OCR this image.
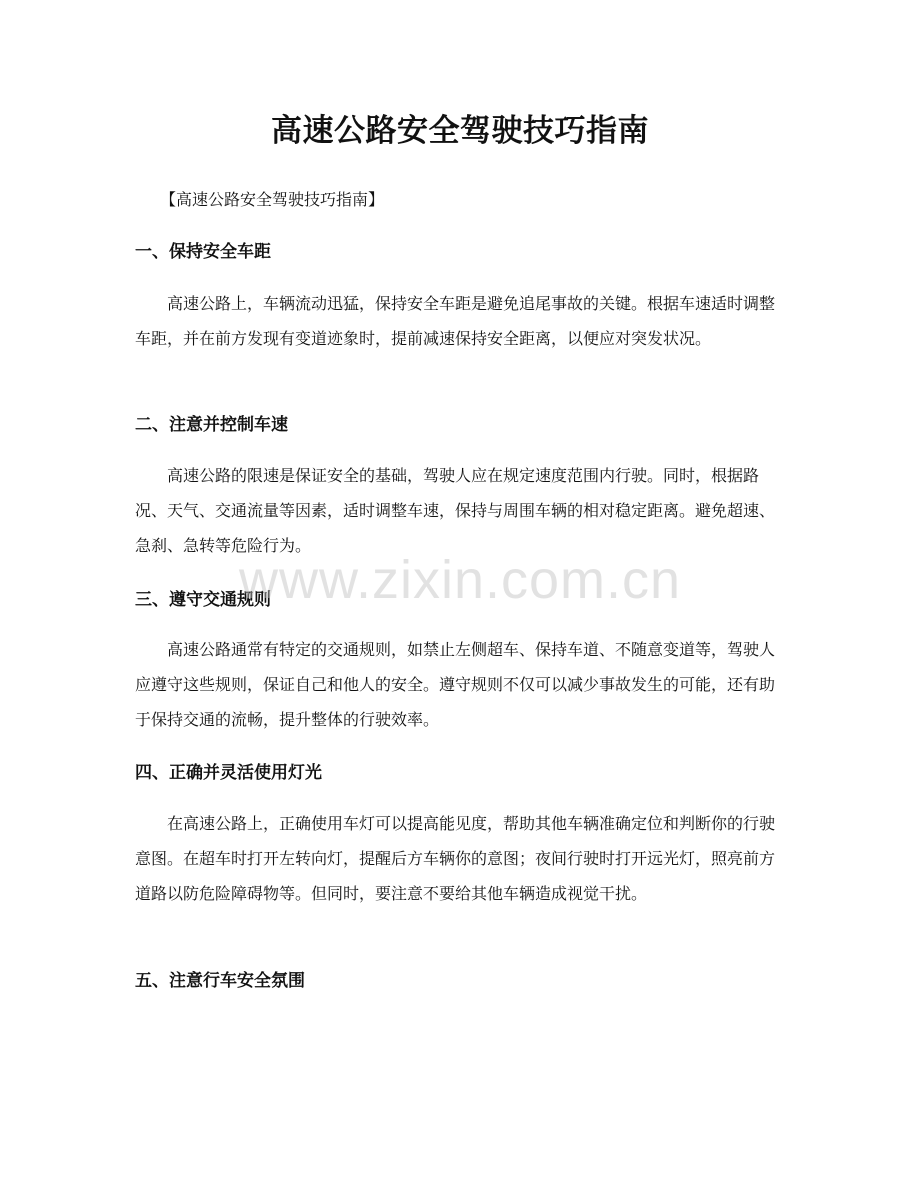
高速公路安全驾驶技巧指南
【高速公路安全驾驶技巧指南】
一、保持安全车距

高速公路上，车辆流动迅猛，保持安全车距是避免追尾事故的关键。根据车速适时调整车距，并在前方发现有变道迹象时，提前减速保持安全距离，以便应对突发状况。

二、注意并控制车速

高速公路的限速是保证安全的基础，驾驶人应在规定速度范围内行驶。同时，根据路况、天气、交通流量等因素，适时调整车速，保持与周围车辆的相对稳定距离。避免超速、急刹、急转等危险行为。

三、遵守交通规则

高速公路通常有特定的交通规则，如禁止左侧超车、保持车道、不随意变道等，驾驶人应遵守这些规则，保证自己和他人的安全。遵守规则不仅可以减少事故发生的可能，还有助于保持交通的流畅，提升整体的行驶效率。

四、正确并灵活使用灯光

在高速公路上，正确使用车灯可以提高能见度，帮助其他车辆准确定位和判断你的行驶意图。在超车时打开左转向灯，提醒后方车辆你的意图；夜间行驶时打开远光灯，照亮前方道路以防危险障碍物等。但同时，要注意不要给其他车辆造成视觉干扰。

五、注意行车安全氛围
www.zixin.com.cn
